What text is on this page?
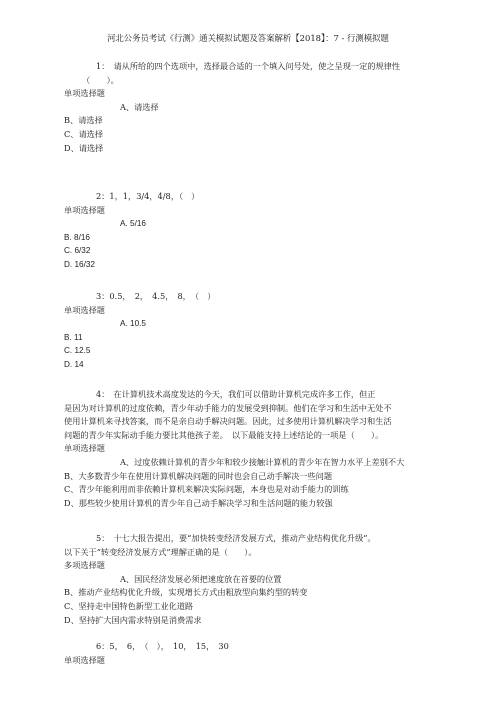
河北公务员考试《行测》通关模拟试题及答案解析【2018】：7 - 行测模拟题
1：　请从所给的四个选项中，选择最合适的一个填入问号处，使之呈现一定的规律性
（　　）。
单项选择题
A、请选择
B、请选择
C、请选择
D、请选择
2：1，1，3/4，4/8，（　）
单项选择题
A. 5/16
B. 8/16
C. 6/32
D. 16/32
3：0.5，　2，　4.5，　8，　（　）
单项选择题
A. 10.5
B. 11
C. 12.5
D. 14
4：　在计算机技术高度发达的今天，我们可以借助计算机完成许多工作，但正
是因为对计算机的过度依赖，青少年动手能力的发展受到抑制。他们在学习和生活中无处不
使用计算机来寻找答案，而不是亲自动手解决问题。因此，过多使用计算机解决学习和生活
问题的青少年实际动手能力要比其他孩子差。　以下最能支持上述结论的一项是（　　）。
单项选择题
A、过度依赖计算机的青少年和较少接触计算机的青少年在智力水平上差别不大
B、大多数青少年在使用计算机解决问题的同时也会自己动手解决一些问题
C、青少年能利用而非依赖计算机来解决实际问题，本身也是对动手能力的训练
D、那些较少使用计算机的青少年自己动手解决学习和生活问题的能力较强
5：　十七大报告提出，要“加快转变经济发展方式，推动产业结构优化升级”。
以下关于“转变经济发展方式”理解正确的是（　　）。
多项选择题
A、国民经济发展必须把速度放在首要的位置
B、推动产业结构优化升级，实现增长方式由粗放型向集约型的转变
C、坚持走中国特色新型工业化道路
D、坚持扩大国内需求特别是消费需求
6：5，　6，　（　），　10，　15，　30
单项选择题
